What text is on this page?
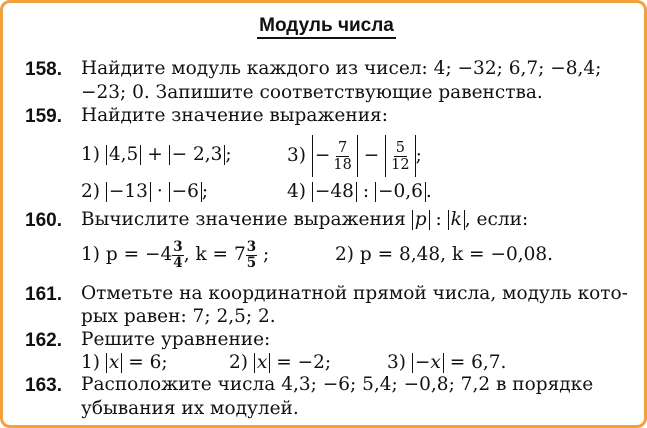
Модуль числа
158. Найдите модуль каждого из чисел: 4; −32; 6,7; −8,4;
−23; 0. Запишите соответствующие равенства.
159. Найдите значение выражения:
1) 4,5 + − 2,3 ;	$3) - \frac{7}{18} - \frac{5}{12}$ ;
2) −13 · −6 ;	4) −48 : −0,6 .
160. Вычислите значение выражения p : k , если:
1) $p = -4 \frac{3}{4}$ , $k = 7 \frac{3}{5}$ ;	2) p = 8,48, k = −0,08.
161. Отметьте на координатной прямой числа, модуль кото-
рых равен: 7; 2,5; 2.
162. Решите уравнение:
1) x = 6;	2) x = −2;	3) −x = 6,7.
163. Расположите числа 4,3; −6; 5,4; −0,8; 7,2 в порядке
убывания их модулей.
